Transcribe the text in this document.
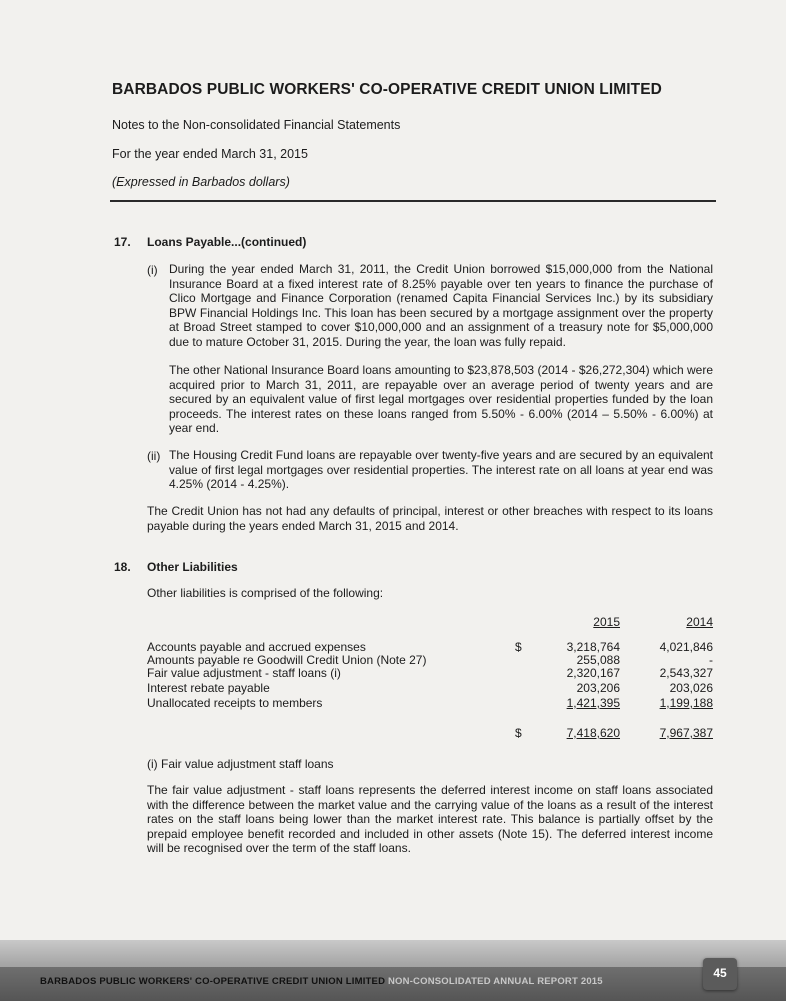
BARBADOS PUBLIC WORKERS' CO-OPERATIVE CREDIT UNION LIMITED
Notes to the Non-consolidated Financial Statements
For the year ended March 31, 2015
(Expressed in Barbados dollars)
17. Loans Payable...(continued)
(i) During the year ended March 31, 2011, the Credit Union borrowed $15,000,000 from the National Insurance Board at a fixed interest rate of 8.25% payable over ten years to finance the purchase of Clico Mortgage and Finance Corporation (renamed Capita Financial Services Inc.) by its subsidiary BPW Financial Holdings Inc. This loan has been secured by a mortgage assignment over the property at Broad Street stamped to cover $10,000,000 and an assignment of a treasury note for $5,000,000 due to mature October 31, 2015. During the year, the loan was fully repaid.

The other National Insurance Board loans amounting to $23,878,503 (2014 - $26,272,304) which were acquired prior to March 31, 2011, are repayable over an average period of twenty years and are secured by an equivalent value of first legal mortgages over residential properties funded by the loan proceeds. The interest rates on these loans ranged from 5.50% - 6.00% (2014 – 5.50% - 6.00%) at year end.

(ii) The Housing Credit Fund loans are repayable over twenty-five years and are secured by an equivalent value of first legal mortgages over residential properties. The interest rate on all loans at year end was 4.25% (2014 - 4.25%).

The Credit Union has not had any defaults of principal, interest or other breaches with respect to its loans payable during the years ended March 31, 2015 and 2014.

18. Other Liabilities
Other liabilities is comprised of the following:
2015	2014
Accounts payable and accrued expenses	$	3,218,764	4,021,846
Amounts payable re Goodwill Credit Union (Note 27)	255,088	-
Fair value adjustment - staff loans (i)	2,320,167	2,543,327
Interest rebate payable	203,206	203,026
Unallocated receipts to members	1,421,395	1,199,188
$	7,418,620	7,967,387
(i) Fair value adjustment staff loans

The fair value adjustment - staff loans represents the deferred interest income on staff loans associated with the difference between the market value and the carrying value of the loans as a result of the interest rates on the staff loans being lower than the market interest rate. This balance is partially offset by the prepaid employee benefit recorded and included in other assets (Note 15). The deferred interest income will be recognised over the term of the staff loans.

BARBADOS PUBLIC WORKERS' CO-OPERATIVE CREDIT UNION LIMITED NON-CONSOLIDATED ANNUAL REPORT 2015
45
